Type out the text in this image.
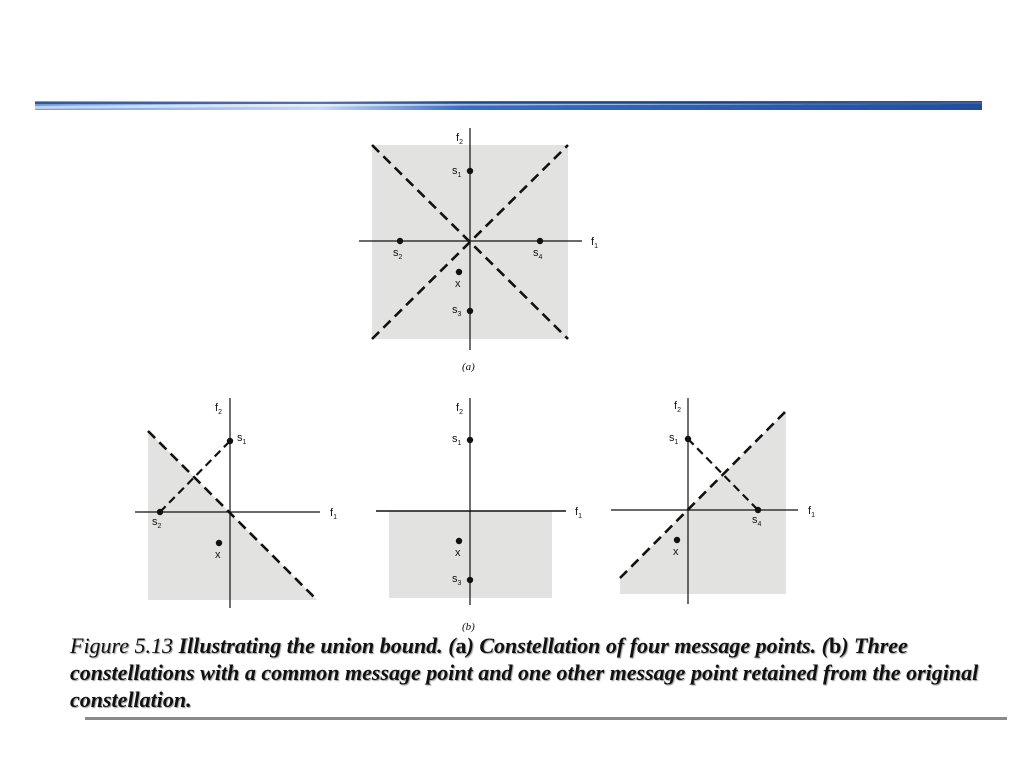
$f_2$
$f_1$
$s_1$
$s_2$
$s_3$
$s_4$
x
(a)
$f_2$
$f_1$
$s_1$
$s_2$
x
$f_2$
$f_1$
$s_1$
x
$s_3$
(b)
$f_2$
$f_1$
$s_1$
$s_4$
x
Figure 5.13 Illustrating the union bound. (a) Constellation of four message points. (b) Three constellations with a common message point and one other message point retained from the original constellation.
